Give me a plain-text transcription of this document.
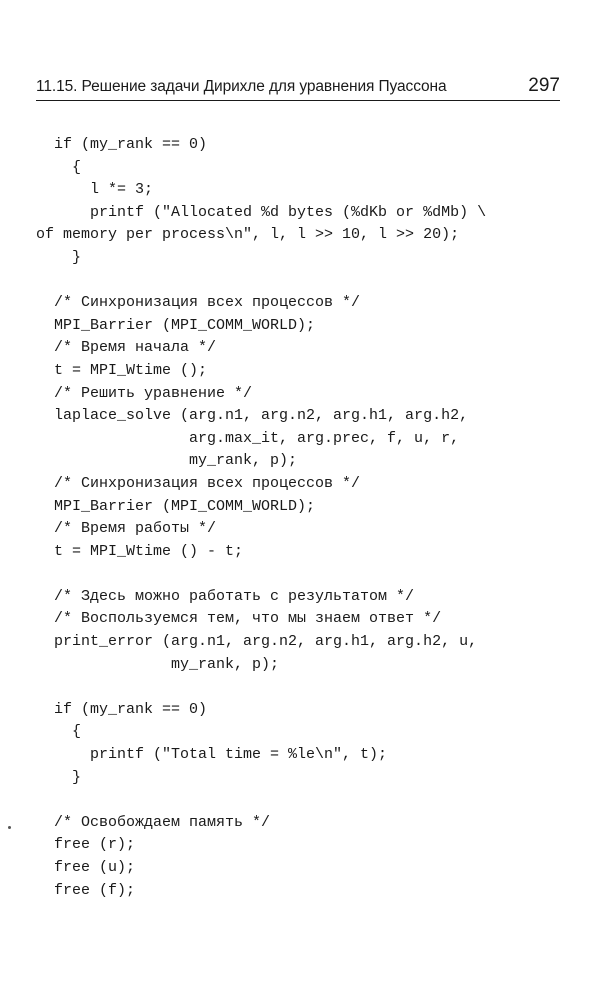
11.15. Решение задачи Дирихле для уравнения Пуассона	297
if (my_rank == 0)
{
l *= 3;
printf ("Allocated %d bytes (%dKb or %dMb) \
of memory per process\n", l, l >> 10, l >> 20);
}
/* Синхронизация всех процессов */
MPI_Barrier (MPI_COMM_WORLD);
/* Время начала */
t = MPI_Wtime ();
/* Решить уравнение */
laplace_solve (arg.n1, arg.n2, arg.h1, arg.h2,
arg.max_it, arg.prec, f, u, r,
my_rank, p);
/* Синхронизация всех процессов */
MPI_Barrier (MPI_COMM_WORLD);
/* Время работы */
t = MPI_Wtime () - t;
/* Здесь можно работать с результатом */
/* Воспользуемся тем, что мы знаем ответ */
print_error (arg.n1, arg.n2, arg.h1, arg.h2, u,
my_rank, p);
if (my_rank == 0)
{
printf ("Total time = %le\n", t);
}
/* Освобождаем память */
free (r);
free (u);
free (f);
